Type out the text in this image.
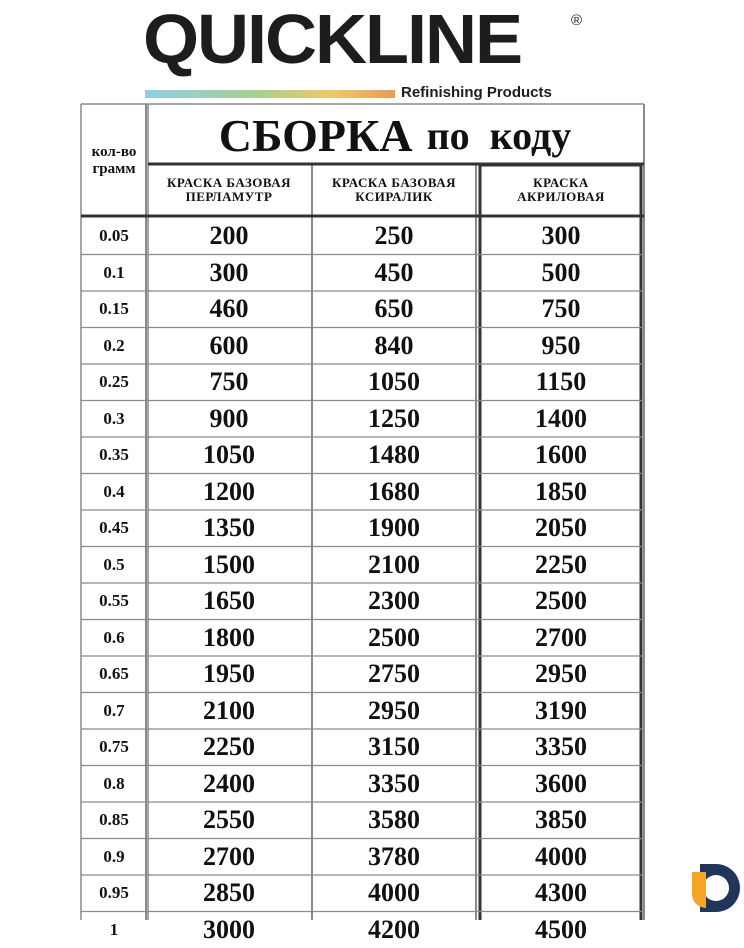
QUICKLINE	®
Refinishing Products
кол-во
грамм
СБОРКА по  коду
КРАСКА БАЗОВАЯ
ПЕРЛАМУТР
КРАСКА БАЗОВАЯ
КСИРАЛИК
КРАСКА
АКРИЛОВАЯ
0.05	200	250	300
0.1	300	450	500
0.15	460	650	750
0.2	600	840	950
0.25	750	1050	1150
0.3	900	1250	1400
0.35	1050	1480	1600
0.4	1200	1680	1850
0.45	1350	1900	2050
0.5	1500	2100	2250
0.55	1650	2300	2500
0.6	1800	2500	2700
0.65	1950	2750	2950
0.7	2100	2950	3190
0.75	2250	3150	3350
0.8	2400	3350	3600
0.85	2550	3580	3850
0.9	2700	3780	4000
0.95	2850	4000	4300
1	3000	4200	4500
